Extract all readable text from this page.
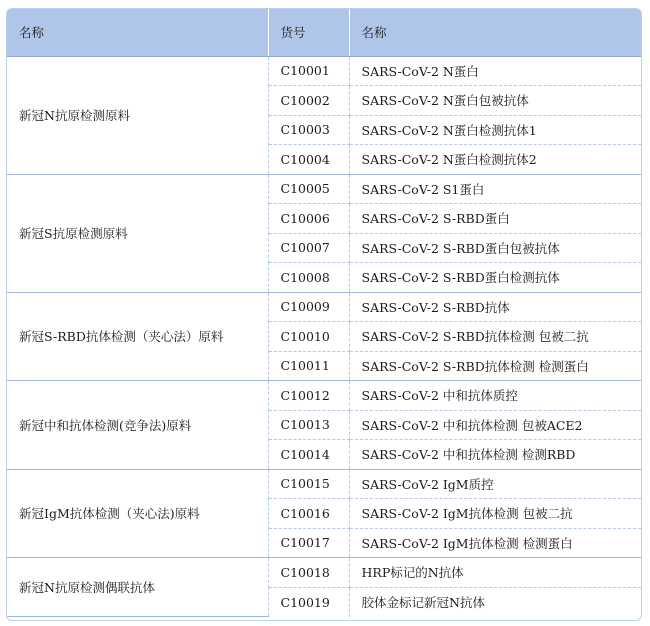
名称	货号	名称
新冠N抗原检测原料	C10001	SARS-CoV-2 N蛋白
	C10002	SARS-CoV-2 N蛋白包被抗体
	C10003	SARS-CoV-2 N蛋白检测抗体1
	C10004	SARS-CoV-2 N蛋白检测抗体2
新冠S抗原检测原料	C10005	SARS-CoV-2 S1蛋白
	C10006	SARS-CoV-2 S-RBD蛋白
	C10007	SARS-CoV-2 S-RBD蛋白包被抗体
	C10008	SARS-CoV-2 S-RBD蛋白检测抗体
新冠S-RBD抗体检测（夹心法）原料	C10009	SARS-CoV-2 S-RBD抗体
	C10010	SARS-CoV-2 S-RBD抗体检测 包被二抗
	C10011	SARS-CoV-2 S-RBD抗体检测 检测蛋白
新冠中和抗体检测(竞争法)原料	C10012	SARS-CoV-2 中和抗体质控
	C10013	SARS-CoV-2 中和抗体检测 包被ACE2
	C10014	SARS-CoV-2 中和抗体检测 检测RBD
新冠IgM抗体检测（夹心法)原料	C10015	SARS-CoV-2 IgM质控
	C10016	SARS-CoV-2 IgM抗体检测 包被二抗
	C10017	SARS-CoV-2 IgM抗体检测 检测蛋白
新冠N抗原检测偶联抗体	C10018	HRP标记的N抗体
	C10019	胶体金标记新冠N抗体
